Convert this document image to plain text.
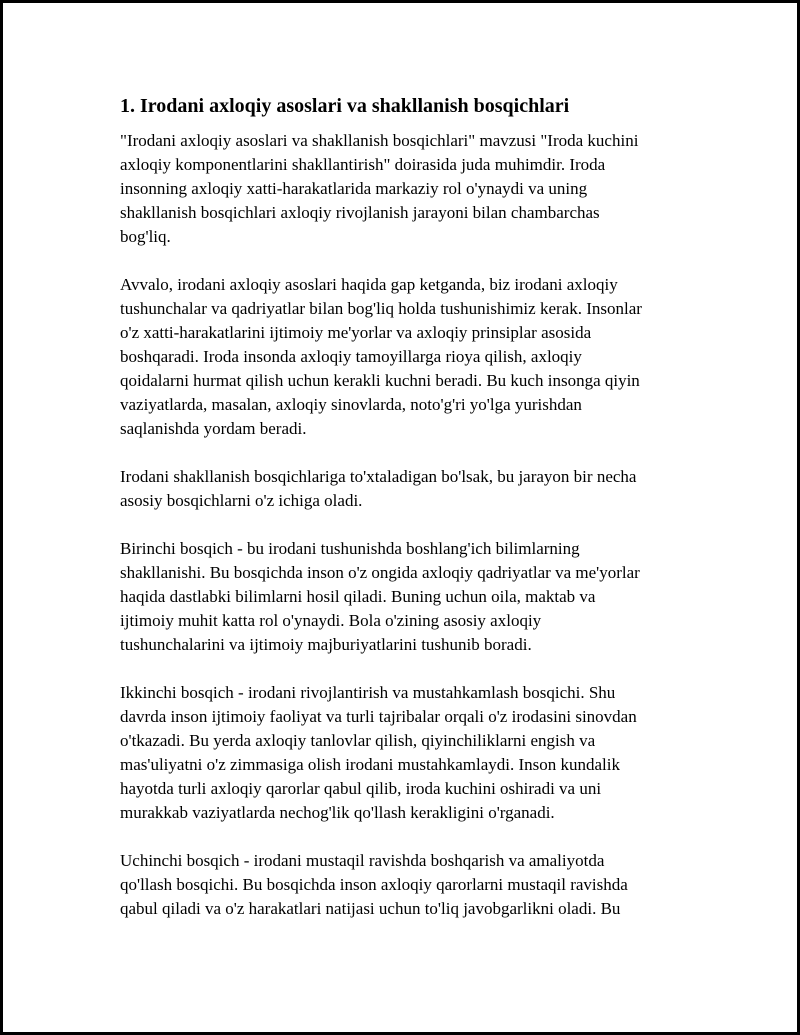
1. Irodani axloqiy asoslari va shakllanish bosqichlari

"Irodani axloqiy asoslari va shakllanish bosqichlari" mavzusi "Iroda kuchini
axloqiy komponentlarini shakllantirish" doirasida juda muhimdir. Iroda
insonning axloqiy xatti-harakatlarida markaziy rol o'ynaydi va uning
shakllanish bosqichlari axloqiy rivojlanish jarayoni bilan chambarchas
bog'liq.

Avvalo, irodani axloqiy asoslari haqida gap ketganda, biz irodani axloqiy
tushunchalar va qadriyatlar bilan bog'liq holda tushunishimiz kerak. Insonlar
o'z xatti-harakatlarini ijtimoiy me'yorlar va axloqiy prinsiplar asosida
boshqaradi. Iroda insonda axloqiy tamoyillarga rioya qilish, axloqiy
qoidalarni hurmat qilish uchun kerakli kuchni beradi. Bu kuch insonga qiyin
vaziyatlarda, masalan, axloqiy sinovlarda, noto'g'ri yo'lga yurishdan
saqlanishda yordam beradi.

Irodani shakllanish bosqichlariga to'xtaladigan bo'lsak, bu jarayon bir necha
asosiy bosqichlarni o'z ichiga oladi.

Birinchi bosqich - bu irodani tushunishda boshlang'ich bilimlarning
shakllanishi. Bu bosqichda inson o'z ongida axloqiy qadriyatlar va me'yorlar
haqida dastlabki bilimlarni hosil qiladi. Buning uchun oila, maktab va
ijtimoiy muhit katta rol o'ynaydi. Bola o'zining asosiy axloqiy
tushunchalarini va ijtimoiy majburiyatlarini tushunib boradi.

Ikkinchi bosqich - irodani rivojlantirish va mustahkamlash bosqichi. Shu
davrda inson ijtimoiy faoliyat va turli tajribalar orqali o'z irodasini sinovdan
o'tkazadi. Bu yerda axloqiy tanlovlar qilish, qiyinchiliklarni engish va
mas'uliyatni o'z zimmasiga olish irodani mustahkamlaydi. Inson kundalik
hayotda turli axloqiy qarorlar qabul qilib, iroda kuchini oshiradi va uni
murakkab vaziyatlarda nechog'lik qo'llash kerakligini o'rganadi.

Uchinchi bosqich - irodani mustaqil ravishda boshqarish va amaliyotda
qo'llash bosqichi. Bu bosqichda inson axloqiy qarorlarni mustaqil ravishda
qabul qiladi va o'z harakatlari natijasi uchun to'liq javobgarlikni oladi. Bu
